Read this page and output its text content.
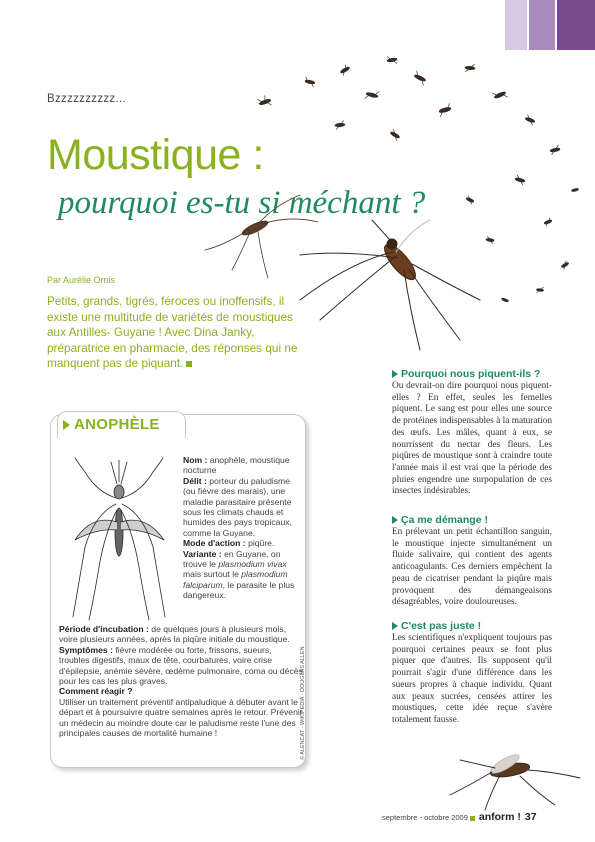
Bzzzzzzzzzz...
Moustique :
pourquoi es-tu si méchant ?
Par Aurélie Ornis
Petits, grands, tigrés, féroces ou inoffensifs, il existe une multitude de variétés de moustiques aux Antilles- Guyane ! Avec Dina Janky, préparatrice en pharmacie, des réponses qui ne manquent pas de piquant.
ANOPHÈLE
Nom : anophèle, moustique nocturne
Délit : porteur du paludisme (ou fièvre des marais), une maladie parasitaire présente sous les climats chauds et humides des pays tropicaux, comme la Guyane.
Mode d'action : piqûre.
Variante : en Guyane, on trouve le plasmodium vivax mais surtout le plasmodium falciparum, le parasite le plus dangereux.
Période d'incubation : de quelques jours à plusieurs mois, voire plusieurs années, après la piqûre initiale du moustique.
Symptômes : fièvre modérée ou forte, frissons, sueurs, troubles digestifs, maux de tête, courbatures, voire crise d'épilepsie, anémie sévère, œdème pulmonaire, coma ou décès pour les cas les plus graves.
Comment réagir ?
Utiliser un traitement préventif antipaludique à débuter avant le départ et à poursuivre quatre semaines après le retour. Prévenir un médecin au moindre doute car le paludisme reste l'une des principales causes de mortalité humaine !	© ALENCAT - WIKIPEDIA - DOUGLAS ALLEN
Pourquoi nous piquent-ils ?
Ou devrait-on dire pourquoi nous piquent-elles ? En effet, seules les femelles piquent. Le sang est pour elles une source de protéines indispensables à la maturation des œufs. Les mâles, quant à eux, se nourrissent du nectar des fleurs. Les piqûres de moustique sont à craindre toute l'année mais il est vrai que la période des pluies engendre une surpopulation de ces insectes indésirables.
Ça me démange !
En prélevant un petit échantillon sanguin, le moustique injecte simultanément un fluide salivaire, qui contient des agents anticoagulants. Ces derniers empêchent la peau de cicatriser pendant la piqûre mais provoquent des démangeaisons désagréables, voire douloureuses.
C'est pas juste !
Les scientifiques n'expliquent toujours pas pourquoi certaines peaux se font plus piquer que d'autres. Ils supposent qu'il pourrait s'agir d'une différence dans les sueurs propres à chaque individu. Quant aux peaux sucrées, censées attirer les moustiques, cette idée reçue s'avère totalement fausse.
septembre - octobre 2009 anform ! 37
